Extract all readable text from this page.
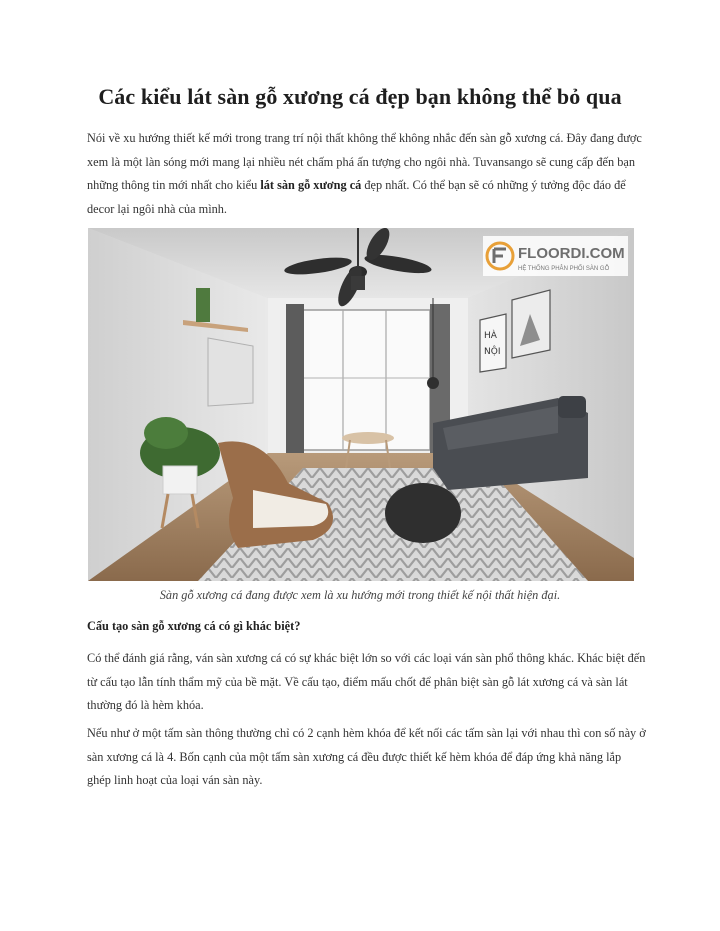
Các kiểu lát sàn gỗ xương cá đẹp bạn không thể bỏ qua

Nói về xu hướng thiết kế mới trong trang trí nội thất không thể không nhắc đến sàn gỗ xương cá. Đây đang được xem là một làn sóng mới mang lại nhiều nét chấm phá ấn tượng cho ngôi nhà. Tuvansango sẽ cung cấp đến bạn những thông tin mới nhất cho kiểu lát sàn gỗ xương cá đẹp nhất. Có thể bạn sẽ có những ý tưởng độc đáo để decor lại ngôi nhà của mình.

HÀ
NỘI
FLOORDI.COM
HỆ THỐNG PHÂN PHỐI SÀN GỖ
Sàn gỗ xương cá đang được xem là xu hướng mới trong thiết kế nội thất hiện đại.
Cấu tạo sàn gỗ xương cá có gì khác biệt?

Có thể đánh giá rằng, ván sàn xương cá có sự khác biệt lớn so với các loại ván sàn phổ thông khác. Khác biệt đến từ cấu tạo lẫn tính thẩm mỹ của bề mặt. Về cấu tạo, điểm mấu chốt để phân biệt sàn gỗ lát xương cá và sàn lát thường đó là hèm khóa.

Nếu như ở một tấm sàn thông thường chỉ có 2 cạnh hèm khóa để kết nối các tấm sàn lại với nhau thì con số này ở sàn xương cá là 4. Bốn cạnh của một tấm sàn xương cá đều được thiết kế hèm khóa để đáp ứng khả năng lắp ghép linh hoạt của loại ván sàn này.
